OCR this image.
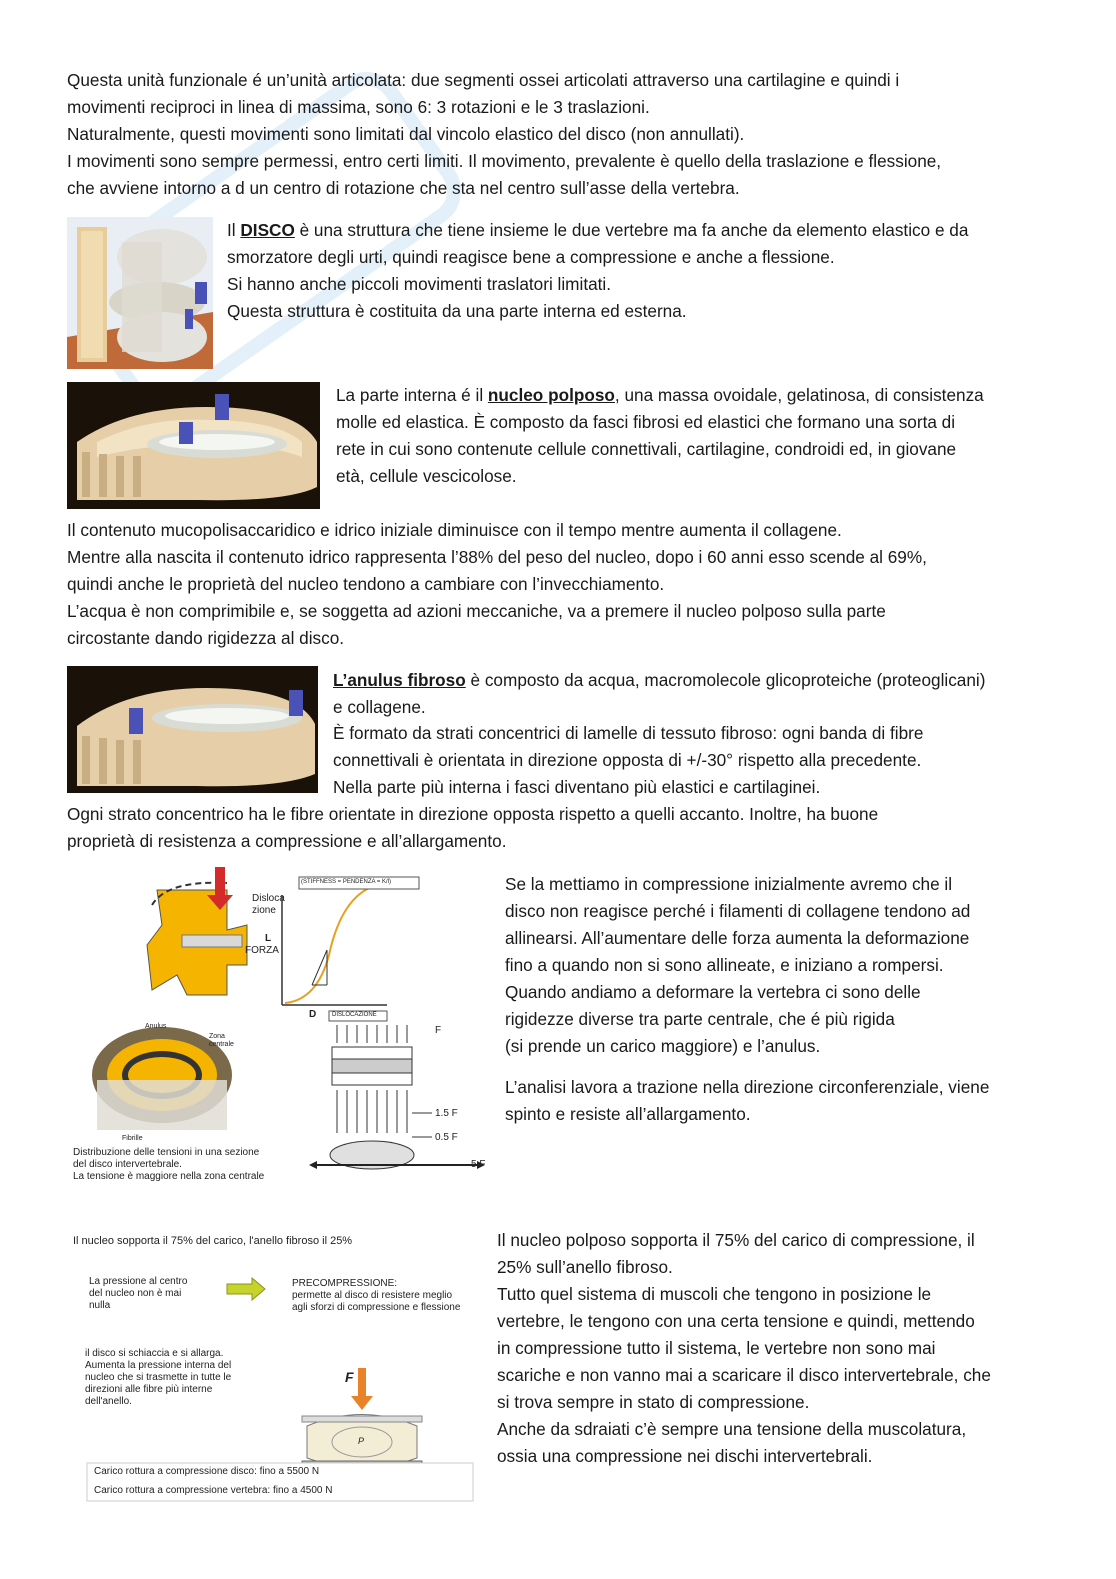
Questa unità funzionale é un’unità articolata: due segmenti ossei articolati attraverso una cartilagine e quindi i

movimenti reciproci in linea di massima, sono 6: 3 rotazioni e le 3 traslazioni.

Naturalmente, questi movimenti sono limitati dal vincolo elastico del disco (non annullati).

I movimenti sono sempre permessi, entro certi limiti. Il movimento, prevalente è quello della traslazione e flessione,

che avviene intorno a d un centro di rotazione che sta nel centro sull’asse della vertebra.

Il DISCO è una struttura che tiene insieme le due vertebre ma fa anche da elemento elastico e da

smorzatore degli urti, quindi reagisce bene a compressione e anche a flessione.

Si hanno anche piccoli movimenti traslatori limitati.

Questa struttura è costituita da una parte interna ed esterna.

La parte interna é il nucleo polposo, una massa ovoidale, gelatinosa, di consistenza

molle ed elastica. È composto da fasci fibrosi ed elastici che formano una sorta di

rete in cui sono contenute cellule connettivali, cartilagine, condroidi ed, in giovane

età, cellule vescicolose.

Il contenuto mucopolisaccaridico e idrico iniziale diminuisce con il tempo mentre aumenta il collagene.

Mentre alla nascita il contenuto idrico rappresenta l’88% del peso del nucleo, dopo i 60 anni esso scende al 69%,

quindi anche le proprietà del nucleo tendono a cambiare con l’invecchiamento.

L’acqua è non comprimibile e, se soggetta ad azioni meccaniche, va a premere il nucleo polposo sulla parte

circostante dando rigidezza al disco.

L’anulus fibroso è composto da acqua, macromolecole glicoproteiche (proteoglicani)

e collagene.

È formato da strati concentrici di lamelle di tessuto fibroso: ogni banda di fibre

connettivali è orientata in direzione opposta di +/-30° rispetto alla precedente.

Nella parte più interna i fasci diventano più elastici e cartilaginei.

Ogni strato concentrico ha le fibre orientate in direzione opposta rispetto a quelli accanto. Inoltre, ha buone

proprietà di resistenza a compressione e all’allargamento.

Disloca
zione
L
FORZA
(STIFFNESS = PENDENZA = K/l)
D	DISLOCAZIONE
Anulus
Zona
centrale
Fibrille
F
1.5 F
0.5 F
5 F
Distribuzione delle tensioni in una sezione
del disco intervertebrale.
La tensione è maggiore nella zona centrale

Se la mettiamo in compressione inizialmente avremo che il

disco non reagisce perché i filamenti di collagene tendono ad

allinearsi. All’aumentare delle forza aumenta la deformazione

fino a quando non si sono allineate, e iniziano a rompersi.

Quando andiamo a deformare la vertebra ci sono delle

rigidezze diverse tra parte centrale, che é più rigida

(si prende un carico maggiore) e l’anulus.

L’analisi lavora a trazione nella direzione circonferenziale, viene

spinto e resiste all’allargamento.

Il nucleo sopporta il 75% del carico, l'anello fibroso il 25%
La pressione al centro
del nucleo non è mai
nulla
PRECOMPRESSIONE:
permette al disco di resistere meglio
agli sforzi di compressione e flessione
il disco si schiaccia e si allarga.
Aumenta la pressione interna del
nucleo che si trasmette in tutte le
direzioni alle fibre più interne
dell'anello.
F
P
Carico rottura a compressione disco: fino a 5500 N
Carico rottura a compressione vertebra: fino a 4500 N

Il nucleo polposo sopporta il 75% del carico di compressione, il

25% sull’anello fibroso.

Tutto quel sistema di muscoli che tengono in posizione le

vertebre, le tengono con una certa tensione e quindi, mettendo

in compressione tutto il sistema, le vertebre non sono mai

scariche e non vanno mai a scaricare il disco intervertebrale, che

si trova sempre in stato di compressione.

Anche da sdraiati c’è sempre una tensione della muscolatura,

ossia una compressione nei dischi intervertebrali.
